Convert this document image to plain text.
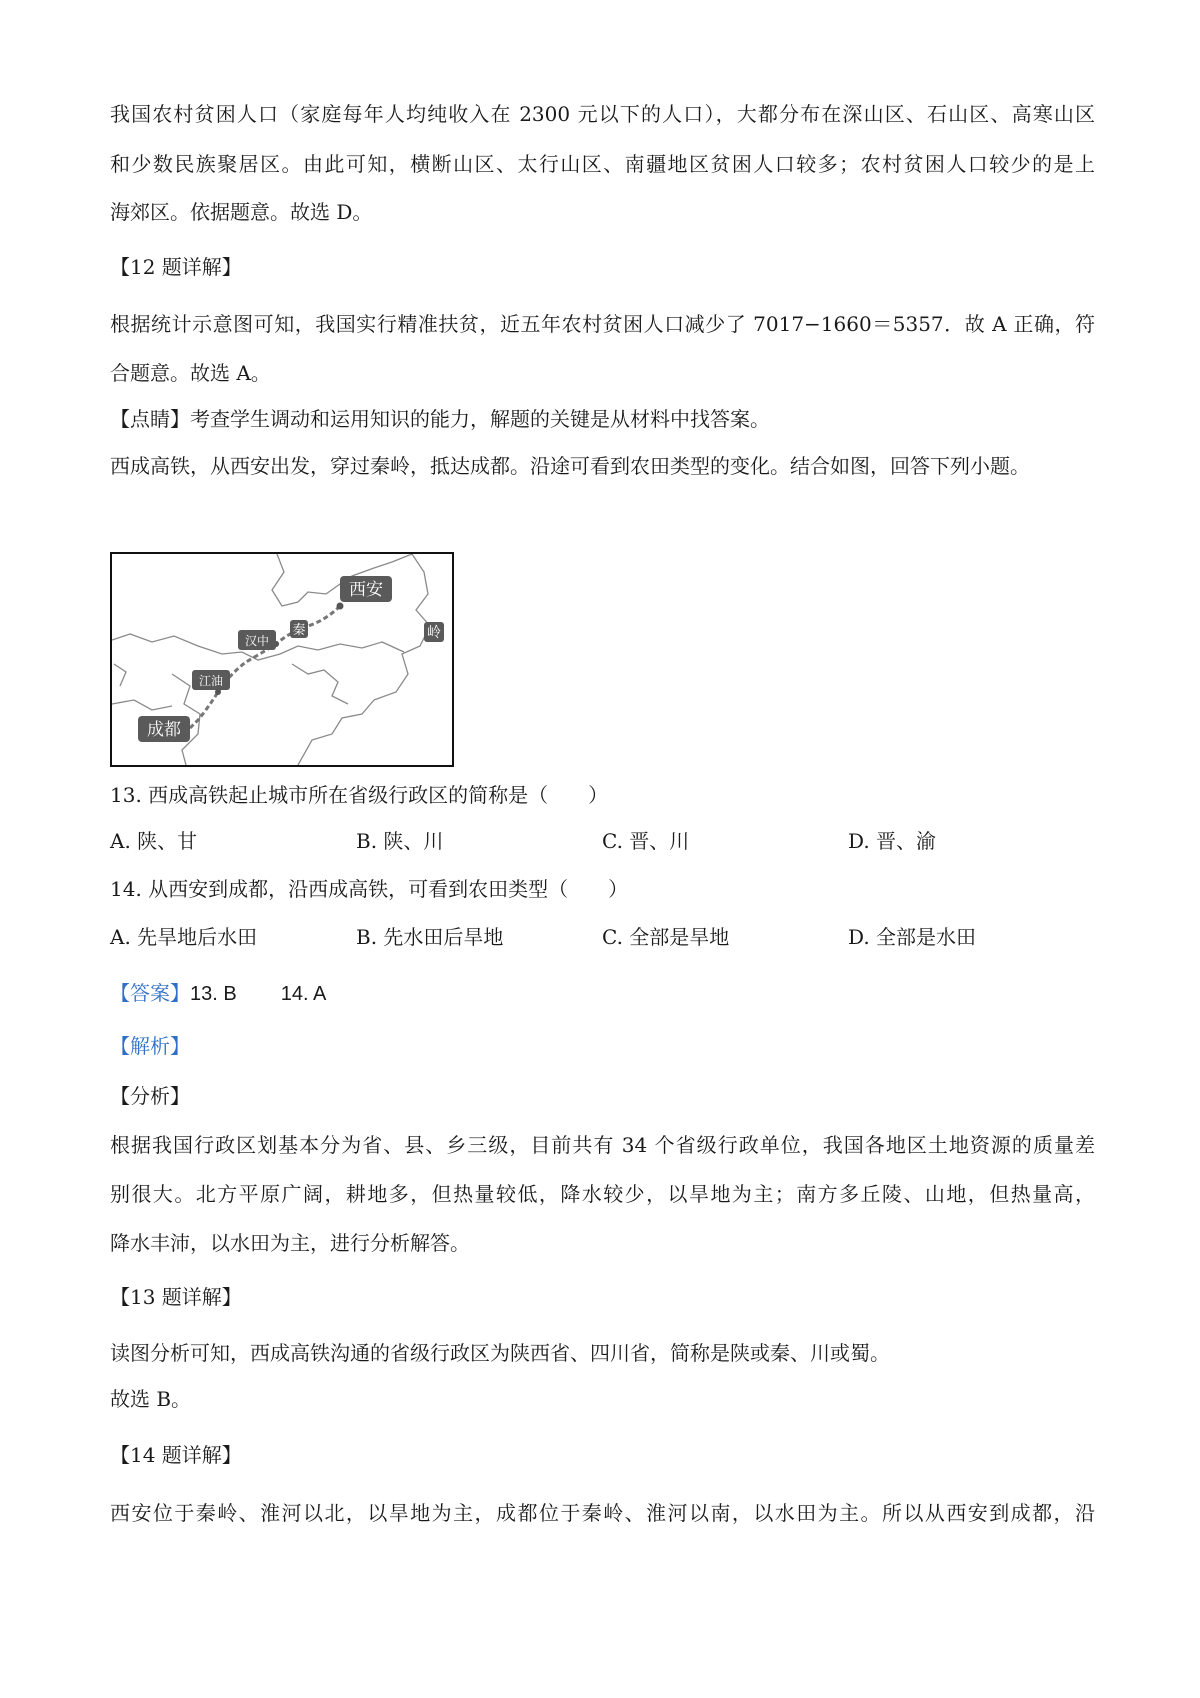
我国农村贫困人口（家庭每年人均纯收入在 2300 元以下的人口），大都分布在深山区、石山区、高寒山区
和少数民族聚居区。由此可知，横断山区、太行山区、南疆地区贫困人口较多；农村贫困人口较少的是上
海郊区。依据题意。故选 D。
【12 题详解】
根据统计示意图可知，我国实行精准扶贫，近五年农村贫困人口减少了 7017−1660＝5357．故 A 正确，符
合题意。故选 A。
【点睛】考查学生调动和运用知识的能力，解题的关键是从材料中找答案。
西成高铁，从西安出发，穿过秦岭，抵达成都。沿途可看到农田类型的变化。结合如图，回答下列小题。
西安
秦	岭
汉中
江油
成都
13. 西成高铁起止城市所在省级行政区的简称是（　　）
A. 陕、甘	B. 陕、川	C. 晋、川	D. 晋、渝
14. 从西安到成都，沿西成高铁，可看到农田类型（　　）
A. 先旱地后水田	B. 先水田后旱地	C. 全部是旱地	D. 全部是水田
【答案】13. B 14. A
【解析】
【分析】
根据我国行政区划基本分为省、县、乡三级，目前共有 34 个省级行政单位，我国各地区土地资源的质量差
别很大。北方平原广阔，耕地多，但热量较低，降水较少，以旱地为主；南方多丘陵、山地，但热量高，
降水丰沛，以水田为主，进行分析解答。
【13 题详解】
读图分析可知，西成高铁沟通的省级行政区为陕西省、四川省，简称是陕或秦、川或蜀。
故选 B。
【14 题详解】
西安位于秦岭、淮河以北，以旱地为主，成都位于秦岭、淮河以南，以水田为主。所以从西安到成都，沿
